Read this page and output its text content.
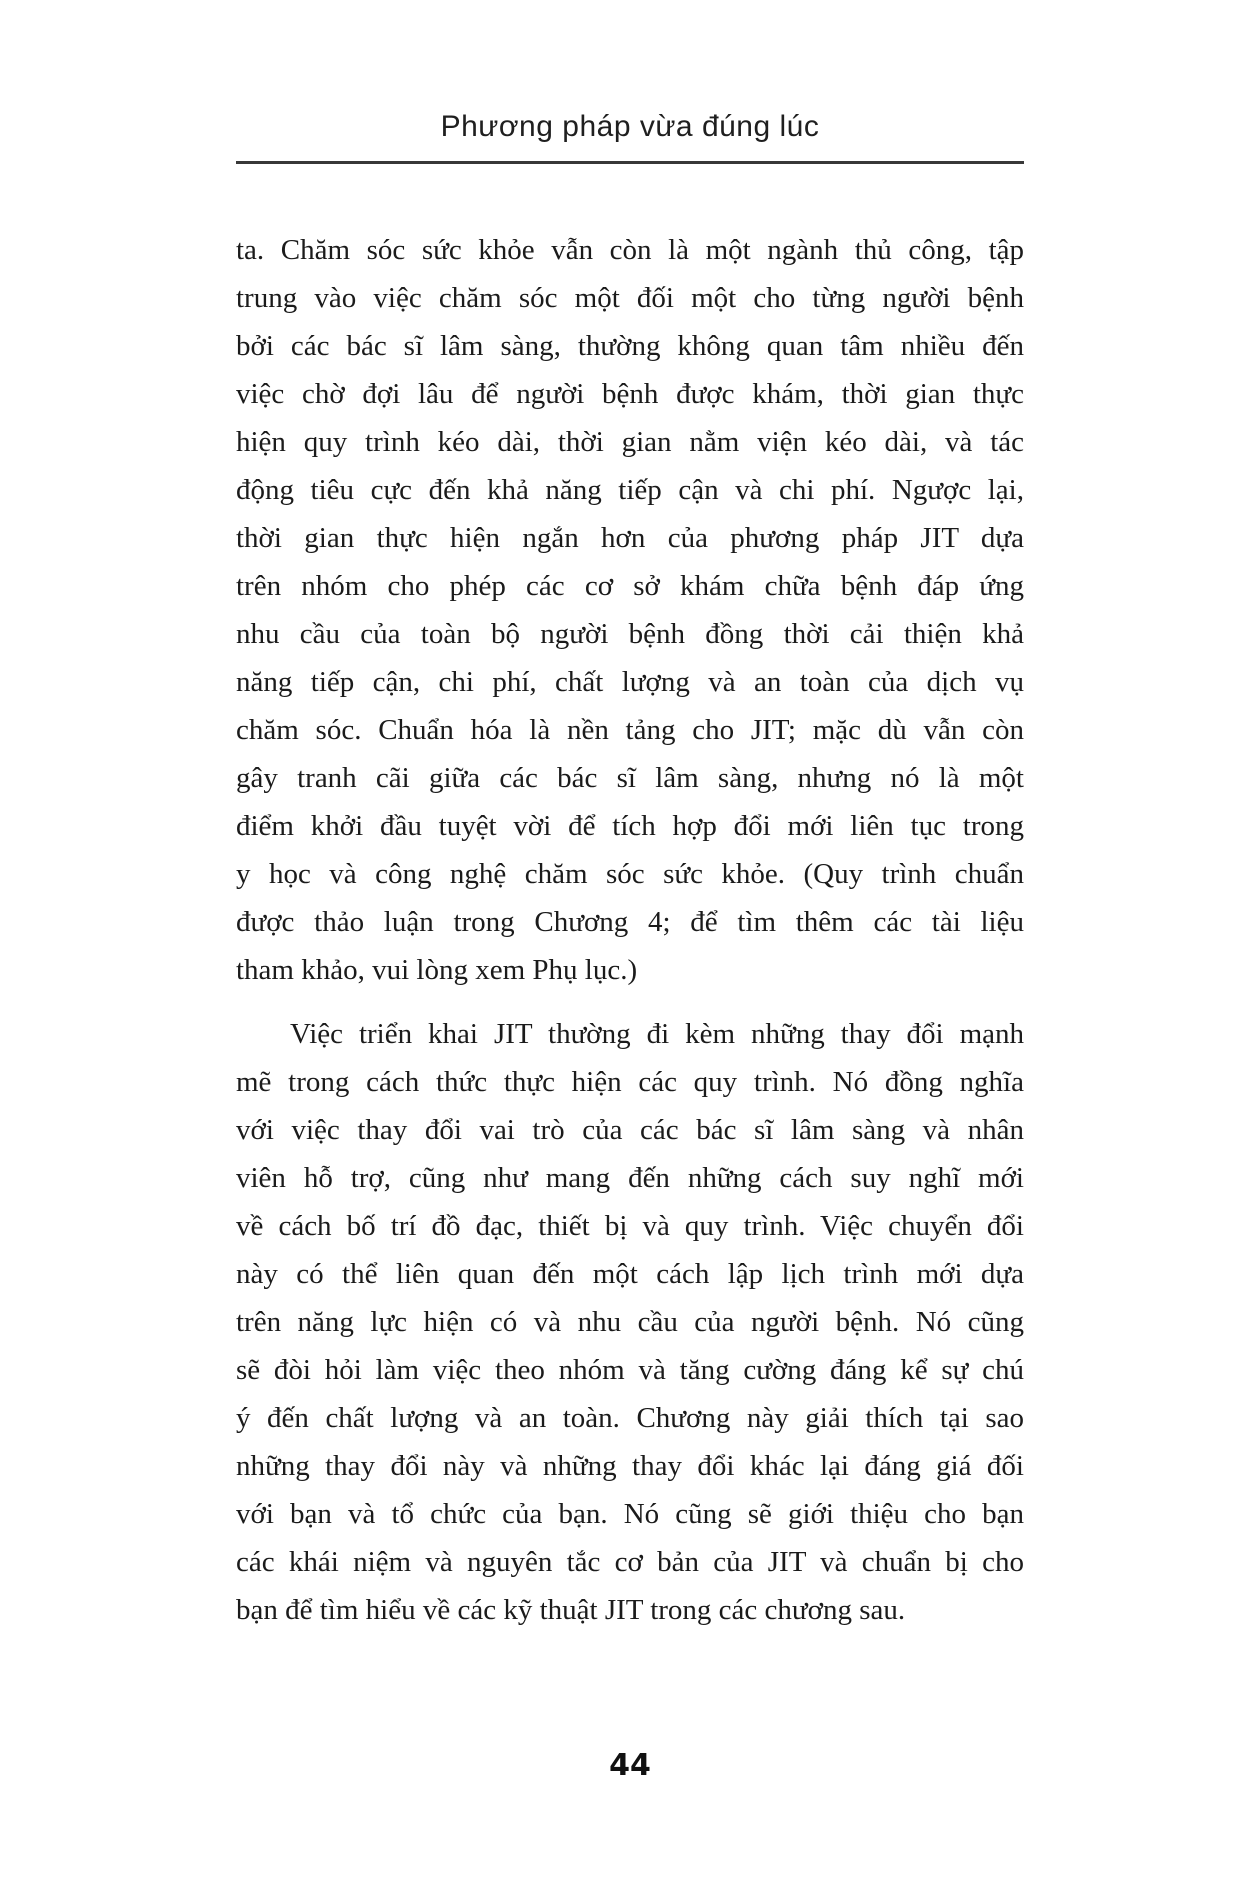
Phương pháp vừa đúng lúc
ta. Chăm sóc sức khỏe vẫn còn là một ngành thủ công, tập
trung vào việc chăm sóc một đối một cho từng người bệnh
bởi các bác sĩ lâm sàng, thường không quan tâm nhiều đến
việc chờ đợi lâu để người bệnh được khám, thời gian thực
hiện quy trình kéo dài, thời gian nằm viện kéo dài, và tác
động tiêu cực đến khả năng tiếp cận và chi phí. Ngược lại,
thời gian thực hiện ngắn hơn của phương pháp JIT dựa
trên nhóm cho phép các cơ sở khám chữa bệnh đáp ứng
nhu cầu của toàn bộ người bệnh đồng thời cải thiện khả
năng tiếp cận, chi phí, chất lượng và an toàn của dịch vụ
chăm sóc. Chuẩn hóa là nền tảng cho JIT; mặc dù vẫn còn
gây tranh cãi giữa các bác sĩ lâm sàng, nhưng nó là một
điểm khởi đầu tuyệt vời để tích hợp đổi mới liên tục trong
y học và công nghệ chăm sóc sức khỏe. (Quy trình chuẩn
được thảo luận trong Chương 4; để tìm thêm các tài liệu
tham khảo, vui lòng xem Phụ lục.)
Việc triển khai JIT thường đi kèm những thay đổi mạnh
mẽ trong cách thức thực hiện các quy trình. Nó đồng nghĩa
với việc thay đổi vai trò của các bác sĩ lâm sàng và nhân
viên hỗ trợ, cũng như mang đến những cách suy nghĩ mới
về cách bố trí đồ đạc, thiết bị và quy trình. Việc chuyển đổi
này có thể liên quan đến một cách lập lịch trình mới dựa
trên năng lực hiện có và nhu cầu của người bệnh. Nó cũng
sẽ đòi hỏi làm việc theo nhóm và tăng cường đáng kể sự chú
ý đến chất lượng và an toàn. Chương này giải thích tại sao
những thay đổi này và những thay đổi khác lại đáng giá đối
với bạn và tổ chức của bạn. Nó cũng sẽ giới thiệu cho bạn
các khái niệm và nguyên tắc cơ bản của JIT và chuẩn bị cho
bạn để tìm hiểu về các kỹ thuật JIT trong các chương sau.
44
